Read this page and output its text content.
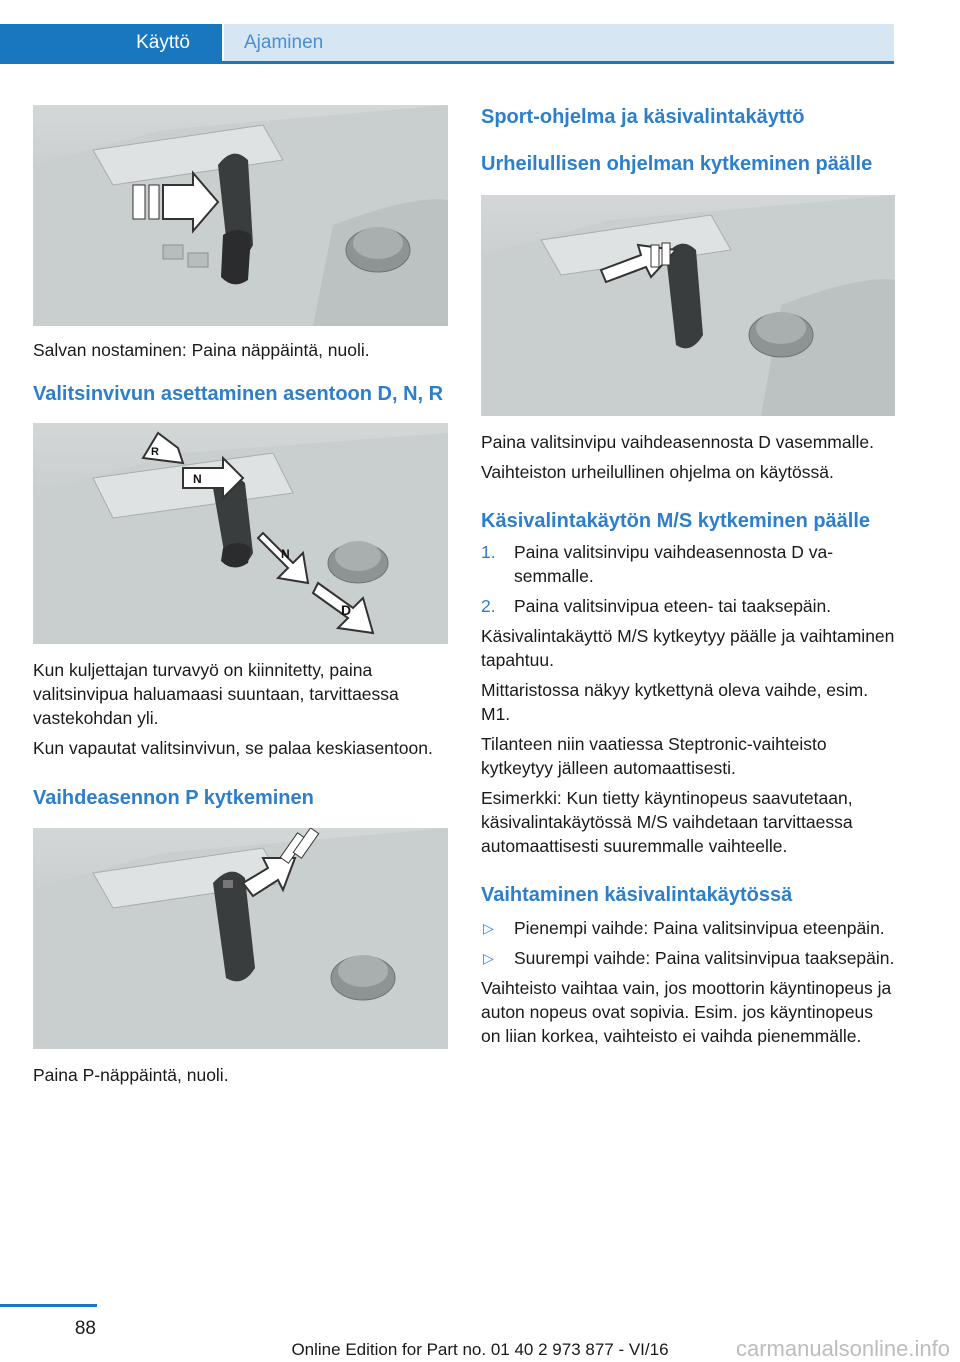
Käyttö	Ajaminen

Salvan nostaminen: Paina näppäintä, nuoli.

Valitsinvivun asettaminen asentoon D, N, R
R
N
N
D

Kun kuljettajan turvavyö on kiinnitetty, paina valitsinvipua haluamaasi suuntaan, tarvittaessa vastekohdan yli.

Kun vapautat valitsinvivun, se palaa keskiasentoon.

Vaihdeasennon P kytkeminen

Paina P-näppäintä, nuoli.

Sport-ohjelma ja käsivalintakäyttö
Urheilullisen ohjelman kytkeminen päälle

Paina valitsinvipu vaihdeasennosta D vasemmalle.

Vaihteiston urheilullinen ohjelma on käytössä.

Käsivalintakäytön M/S kytkeminen päälle
1. Paina valitsinvipu vaihdeasennosta D vasemmalle.
2. Paina valitsinvipua eteen- tai taaksepäin.

Käsivalintakäyttö M/S kytkeytyy päälle ja vaihtaminen tapahtuu.

Mittaristossa näkyy kytkettynä oleva vaihde, esim. M1.

Tilanteen niin vaatiessa Steptronic-vaihteisto kytkeytyy jälleen automaattisesti.

Esimerkki: Kun tietty käyntinopeus saavutetaan, käsivalintakäytössä M/S vaihdetaan tarvittaessa automaattisesti suuremmalle vaihteelle.

Vaihtaminen käsivalintakäytössä
▷ Pienempi vaihde: Paina valitsinvipua eteenpäin.
▷ Suurempi vaihde: Paina valitsinvipua taaksepäin.

Vaihteisto vaihtaa vain, jos moottorin käyntinopeus ja auton nopeus ovat sopivia. Esim. jos käyntinopeus on liian korkea, vaihteisto ei vaihda pienemmälle.

88
Online Edition for Part no. 01 40 2 973 877 - VI/16	carmanualsonline.info
